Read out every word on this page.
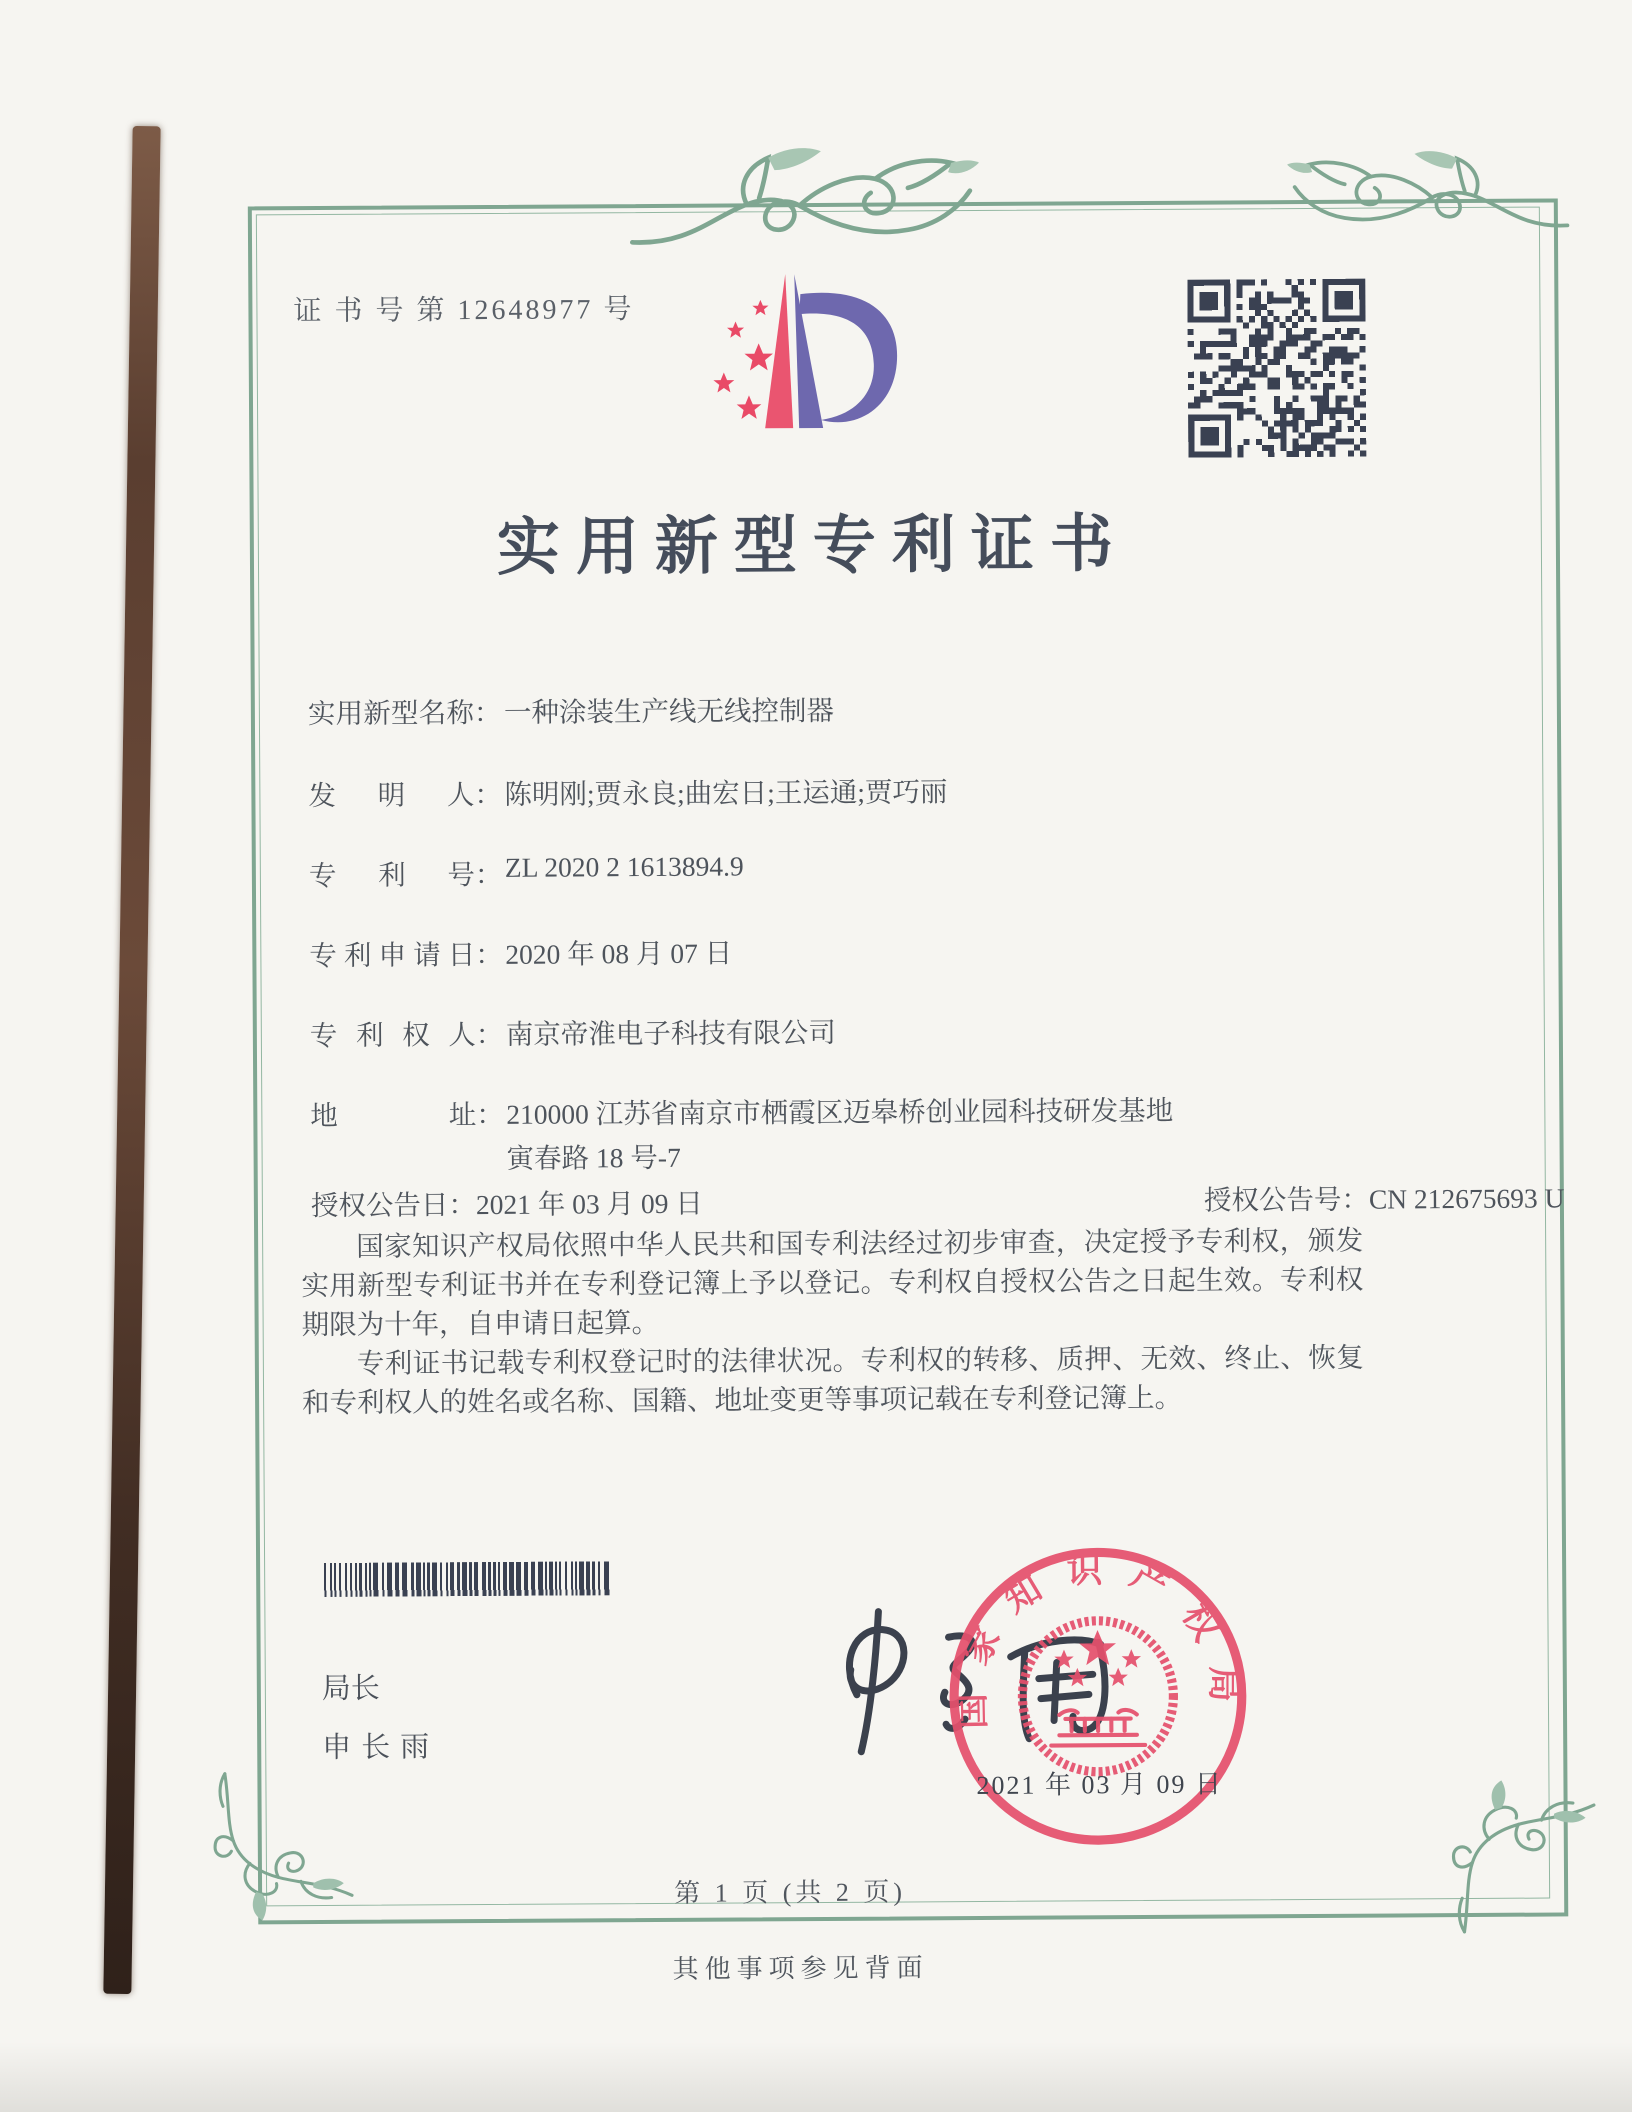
证 书 号 第 12648977 号
实用新型专利证书
实用新型名称：一种涂装生产线无线控制器
发明人：陈明刚;贾永良;曲宏日;王运通;贾巧丽
专利号：ZL 2020 2 1613894.9
专利申请日：2020 年 08 月 07 日
专利权人：南京帝淮电子科技有限公司
地址：210000 江苏省南京市栖霞区迈皋桥创业园科技研发基地
寅春路 18 号-7
授权公告日：2021 年 03 月 09 日	授权公告号：CN 212675693 U

国家知识产权局依照中华人民共和国专利法经过初步审查，决定授予专利权，颁发实用新型专利证书并在专利登记簿上予以登记。专利权自授权公告之日起生效。专利权期限为十年，自申请日起算。

专利证书记载专利权登记时的法律状况。专利权的转移、质押、无效、终止、恢复和专利权人的姓名或名称、国籍、地址变更等事项记载在专利登记簿上。

局长
申长雨
国家知识产权局
2021 年 03 月 09 日
第 1 页 (共 2 页)
其他事项参见背面
